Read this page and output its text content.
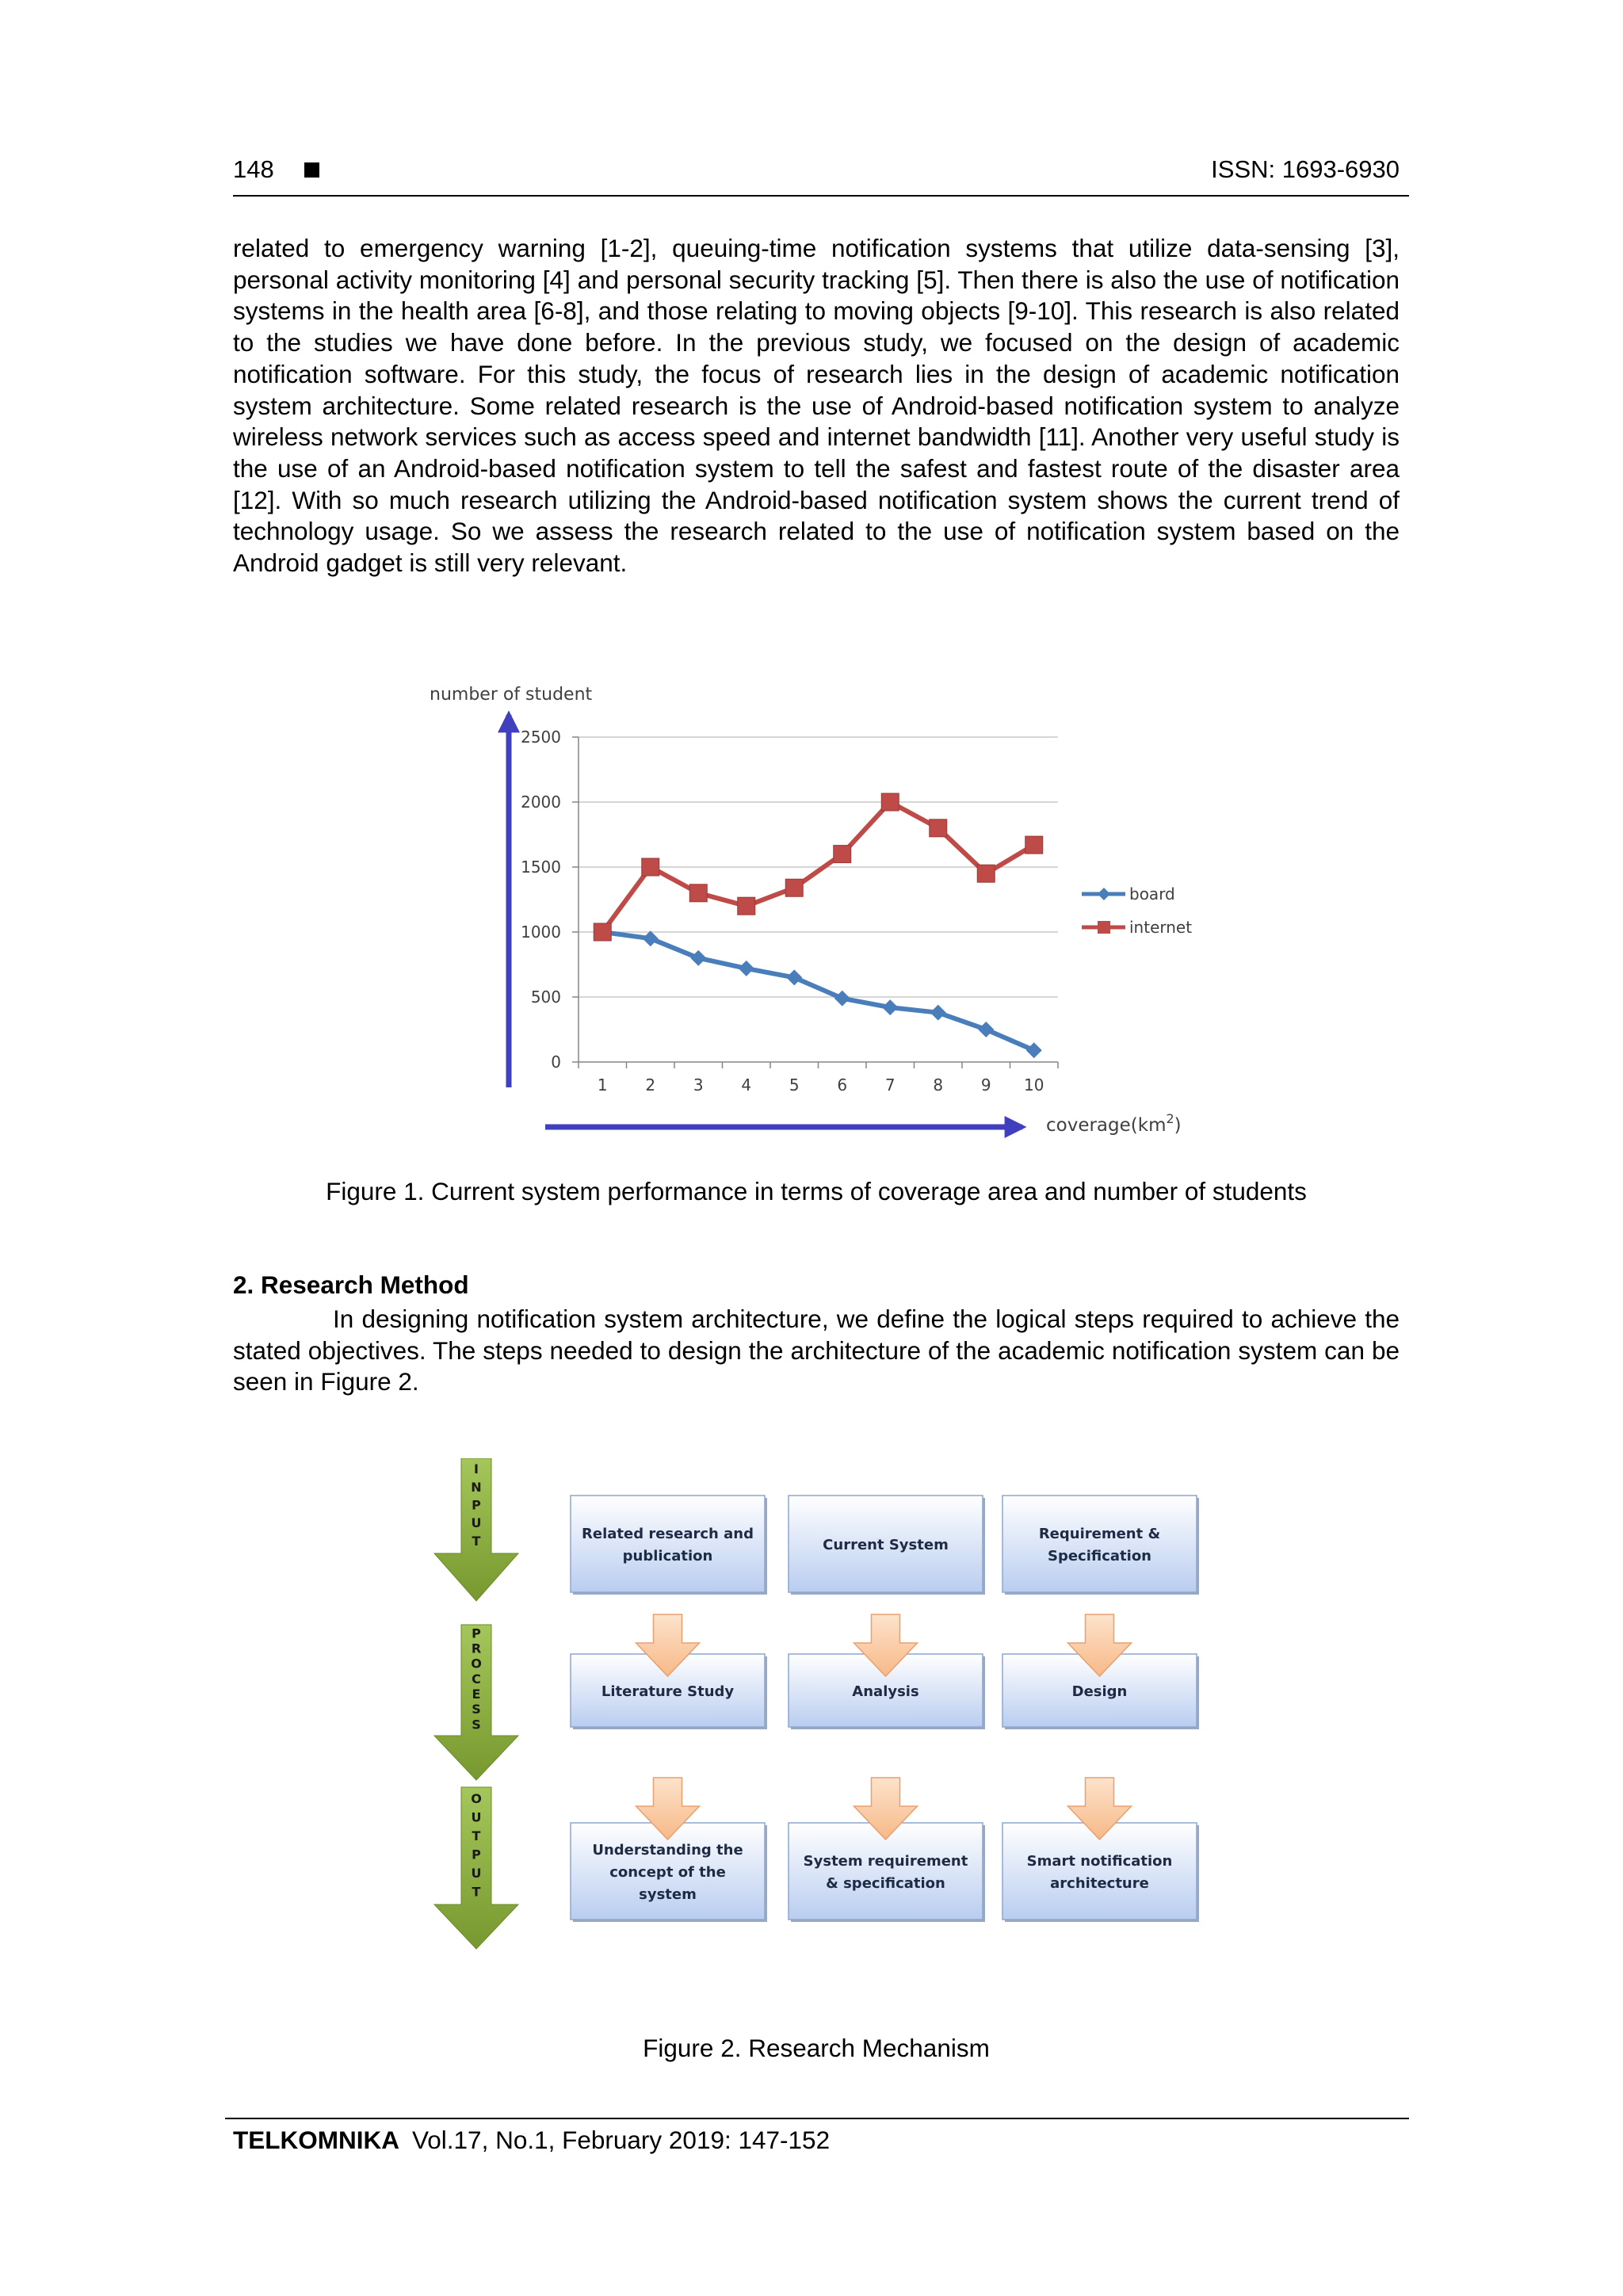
148	ISSN: 1693-6930
related to emergency warning [1-2], queuing-time notification systems that utilize data-sensing [3], personal activity monitoring [4] and personal security tracking [5]. Then there is also the use of notification systems in the health area [6-8], and those relating to moving objects [9-10]. This research is also related to the studies we have done before. In the previous study, we focused on the design of academic notification software. For this study, the focus of research lies in the design of academic notification system architecture. Some related research is the use of Android-based notification system to analyze wireless network services such as access speed and internet bandwidth [11]. Another very useful study is the use of an Android-based notification system to tell the safest and fastest route of the disaster area [12]. With so much research utilizing the Android-based notification system shows the current trend of technology usage. So we assess the research related to the use of notification system based on the Android gadget is still very relevant.
number of student
$coverage(km^2)$
0
500
1000
1500
2000
2500
1 2 3 4 5 6 7 8 9 10
board
internet
Figure 1. Current system performance in terms of coverage area and number of students
2. Research Method
In designing notification system architecture, we define the logical steps required to achieve the stated objectives. The steps needed to design the architecture of the academic notification system can be seen in Figure 2.
I
N
P
U
T
P
R
O
C
E
S
S
O
U
T
P
U
T
Related research and
publication
Current System
Requirement &
Specification
Literature Study	Analysis	Design
Understanding the
concept of the
system
System requirement
& specification
Smart notification
architecture
Figure 2. Research Mechanism
TELKOMNIKA Vol.17, No.1, February 2019: 147-152
